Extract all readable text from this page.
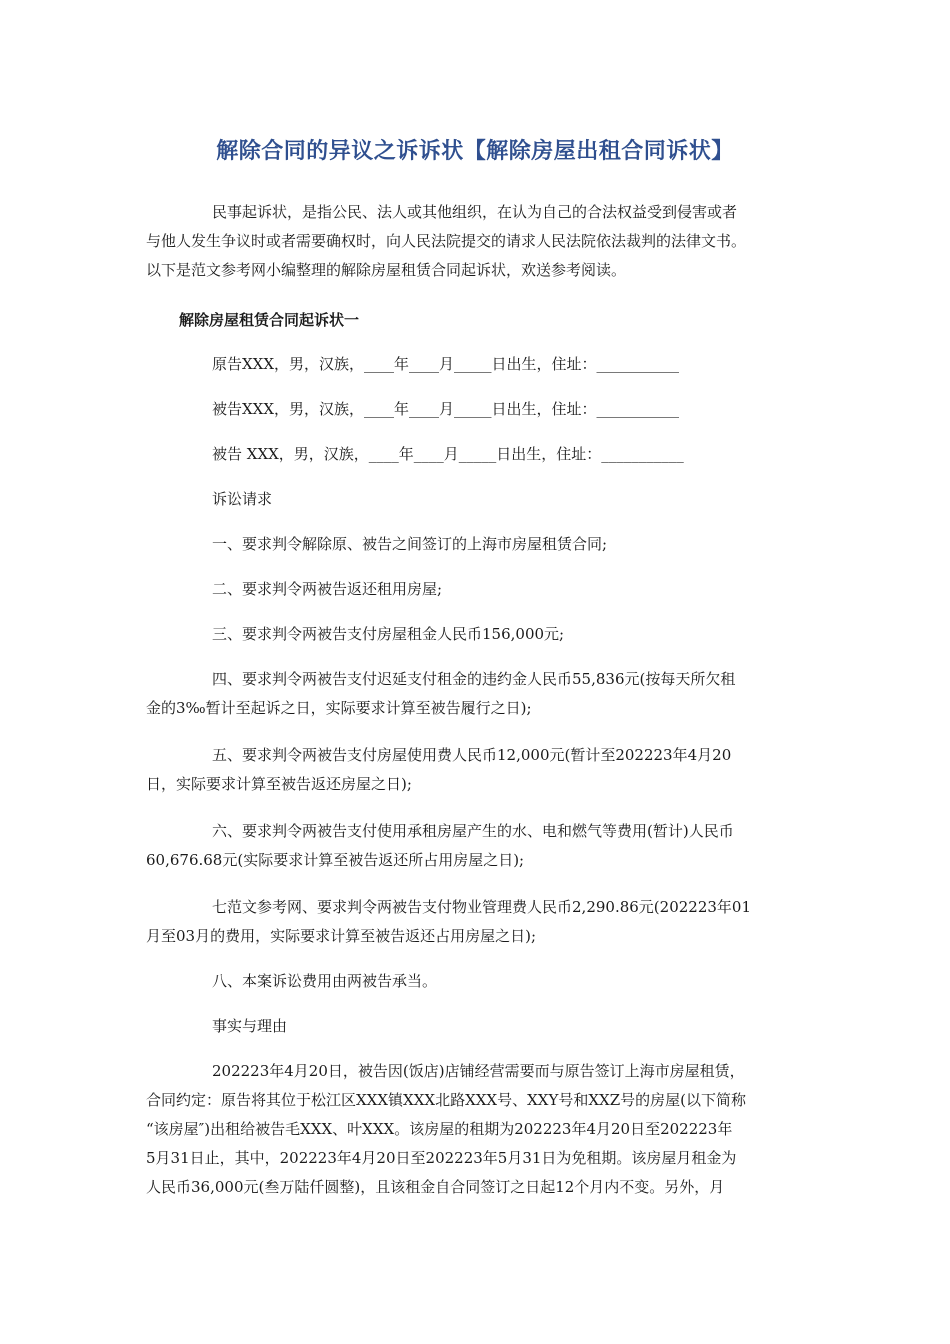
解除合同的异议之诉诉状【解除房屋出租合同诉状】
民事起诉状，是指公民、法人或其他组织，在认为自己的合法权益受到侵害或者
与他人发生争议时或者需要确权时，向人民法院提交的请求人民法院依法裁判的法律文书。
以下是范文参考网小编整理的解除房屋租赁合同起诉状，欢送参考阅读。
解除房屋租赁合同起诉状一
原告XXX，男，汉族，____年____月_____日出生，住址：___________
被告XXX，男，汉族，____年____月_____日出生，住址：___________
被告 XXX，男，汉族，____年____月_____日出生，住址：___________
诉讼请求
一、要求判令解除原、被告之间签订的上海市房屋租赁合同;
二、要求判令两被告返还租用房屋;
三、要求判令两被告支付房屋租金人民币156,000元;
四、要求判令两被告支付迟延支付租金的违约金人民币55,836元(按每天所欠租
金的3‰暂计至起诉之日，实际要求计算至被告履行之日);
五、要求判令两被告支付房屋使用费人民币12,000元(暂计至202223年4月20
日，实际要求计算至被告返还房屋之日);
六、要求判令两被告支付使用承租房屋产生的水、电和燃气等费用(暂计)人民币
60,676.68元(实际要求计算至被告返还所占用房屋之日);
七范文参考网、要求判令两被告支付物业管理费人民币2,290.86元(202223年01
月至03月的费用，实际要求计算至被告返还占用房屋之日);
八、本案诉讼费用由两被告承当。
事实与理由
202223年4月20日，被告因(饭店)店铺经营需要而与原告签订上海市房屋租赁，
合同约定：原告将其位于松江区XXX镇XXX北路XXX号、XXY号和XXZ号的房屋(以下简称
“该房屋″)出租给被告毛XXX、叶XXX。该房屋的租期为202223年4月20日至202223年
5月31日止，其中，202223年4月20日至202223年5月31日为免租期。该房屋月租金为
人民币36,000元(叁万陆仟圆整)，且该租金自合同签订之日起12个月内不变。另外，月
